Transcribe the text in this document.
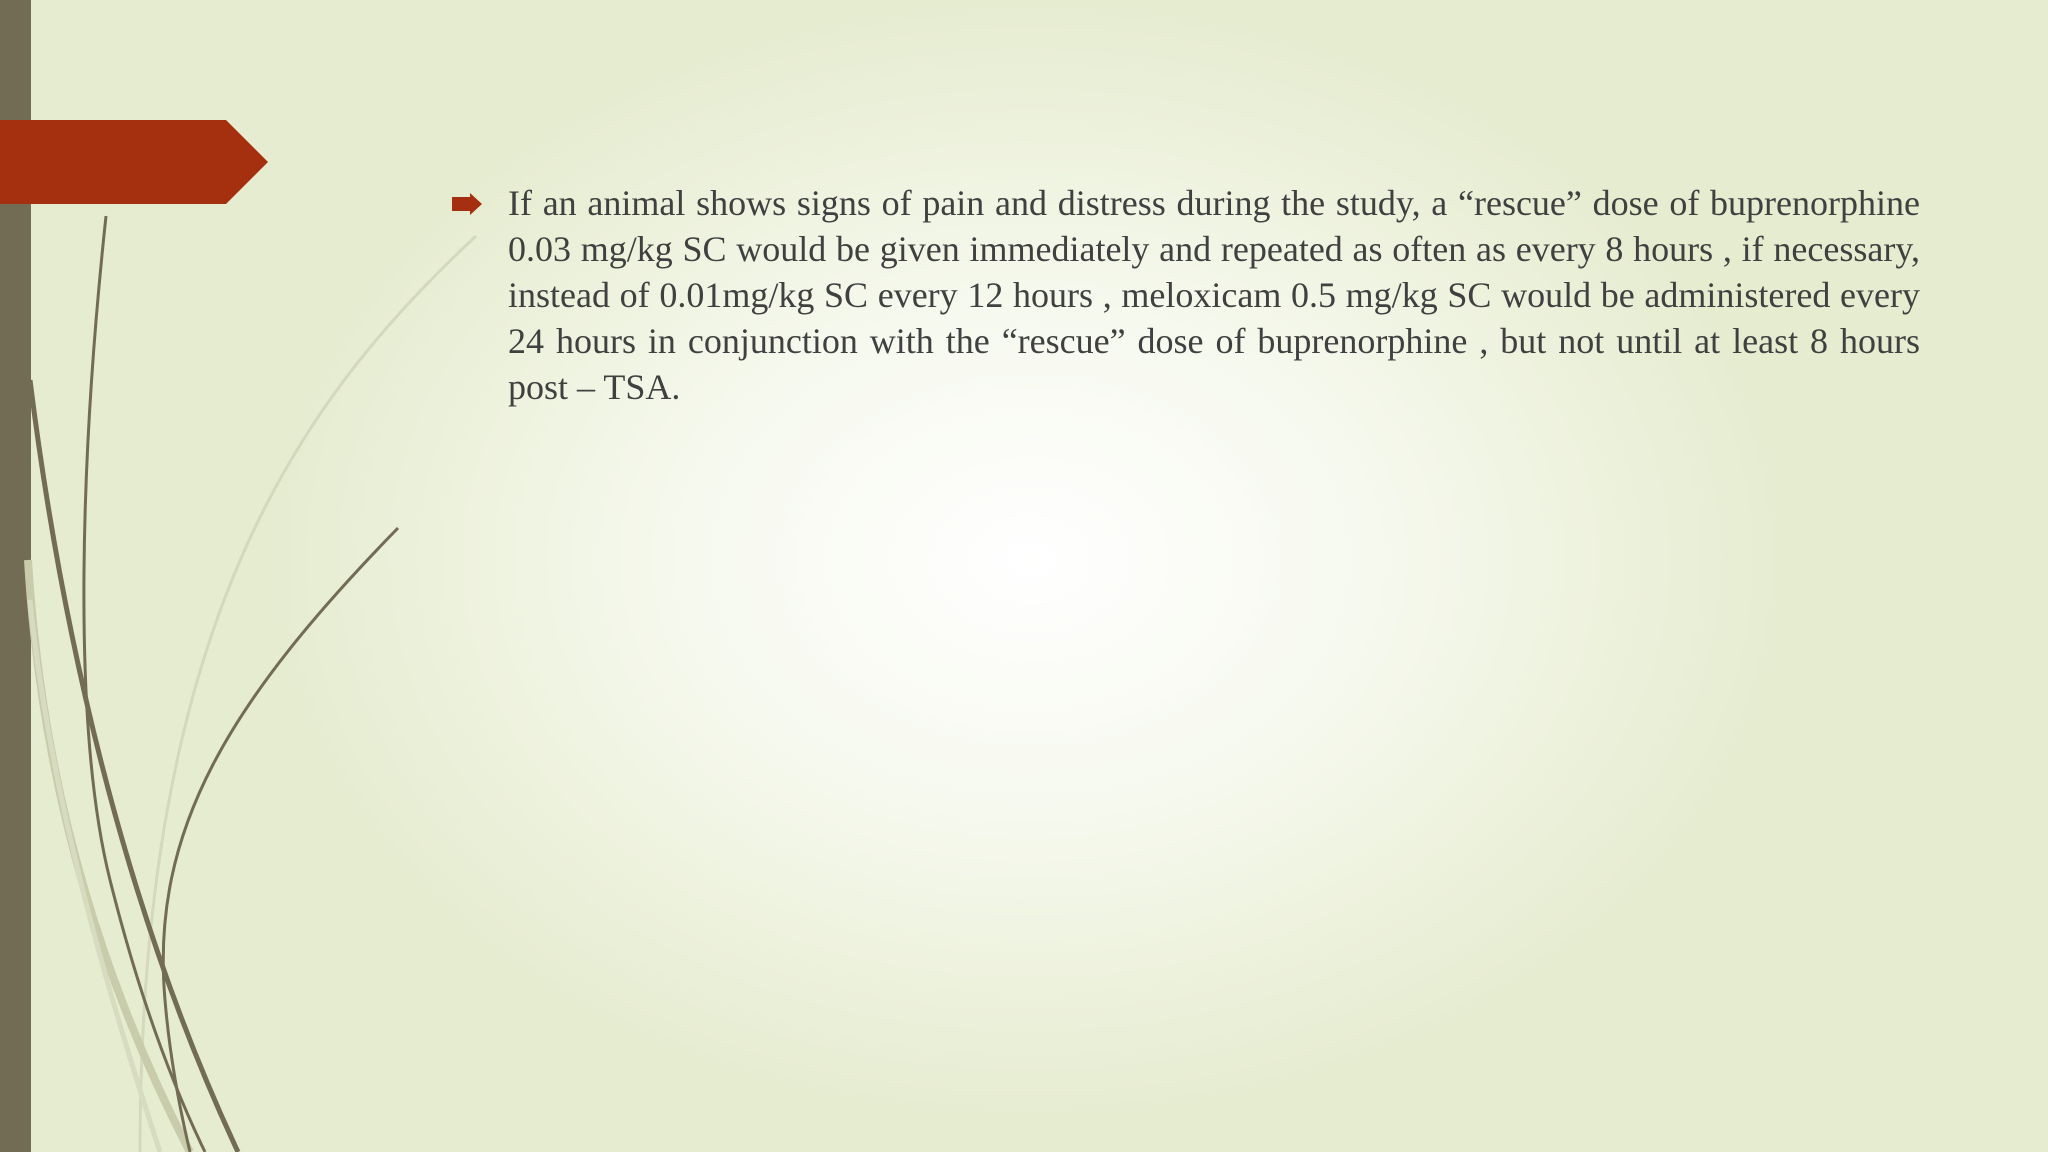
If an animal shows signs of pain and distress during the study, a “rescue” dose of buprenorphine 0.03 mg/kg SC would be given immediately and repeated as often as every 8 hours , if necessary, instead of 0.01mg/kg SC every 12 hours , meloxicam 0.5 mg/kg SC would be administered every 24 hours in conjunction with the “rescue” dose of buprenorphine , but not until at least 8 hours post – TSA.
